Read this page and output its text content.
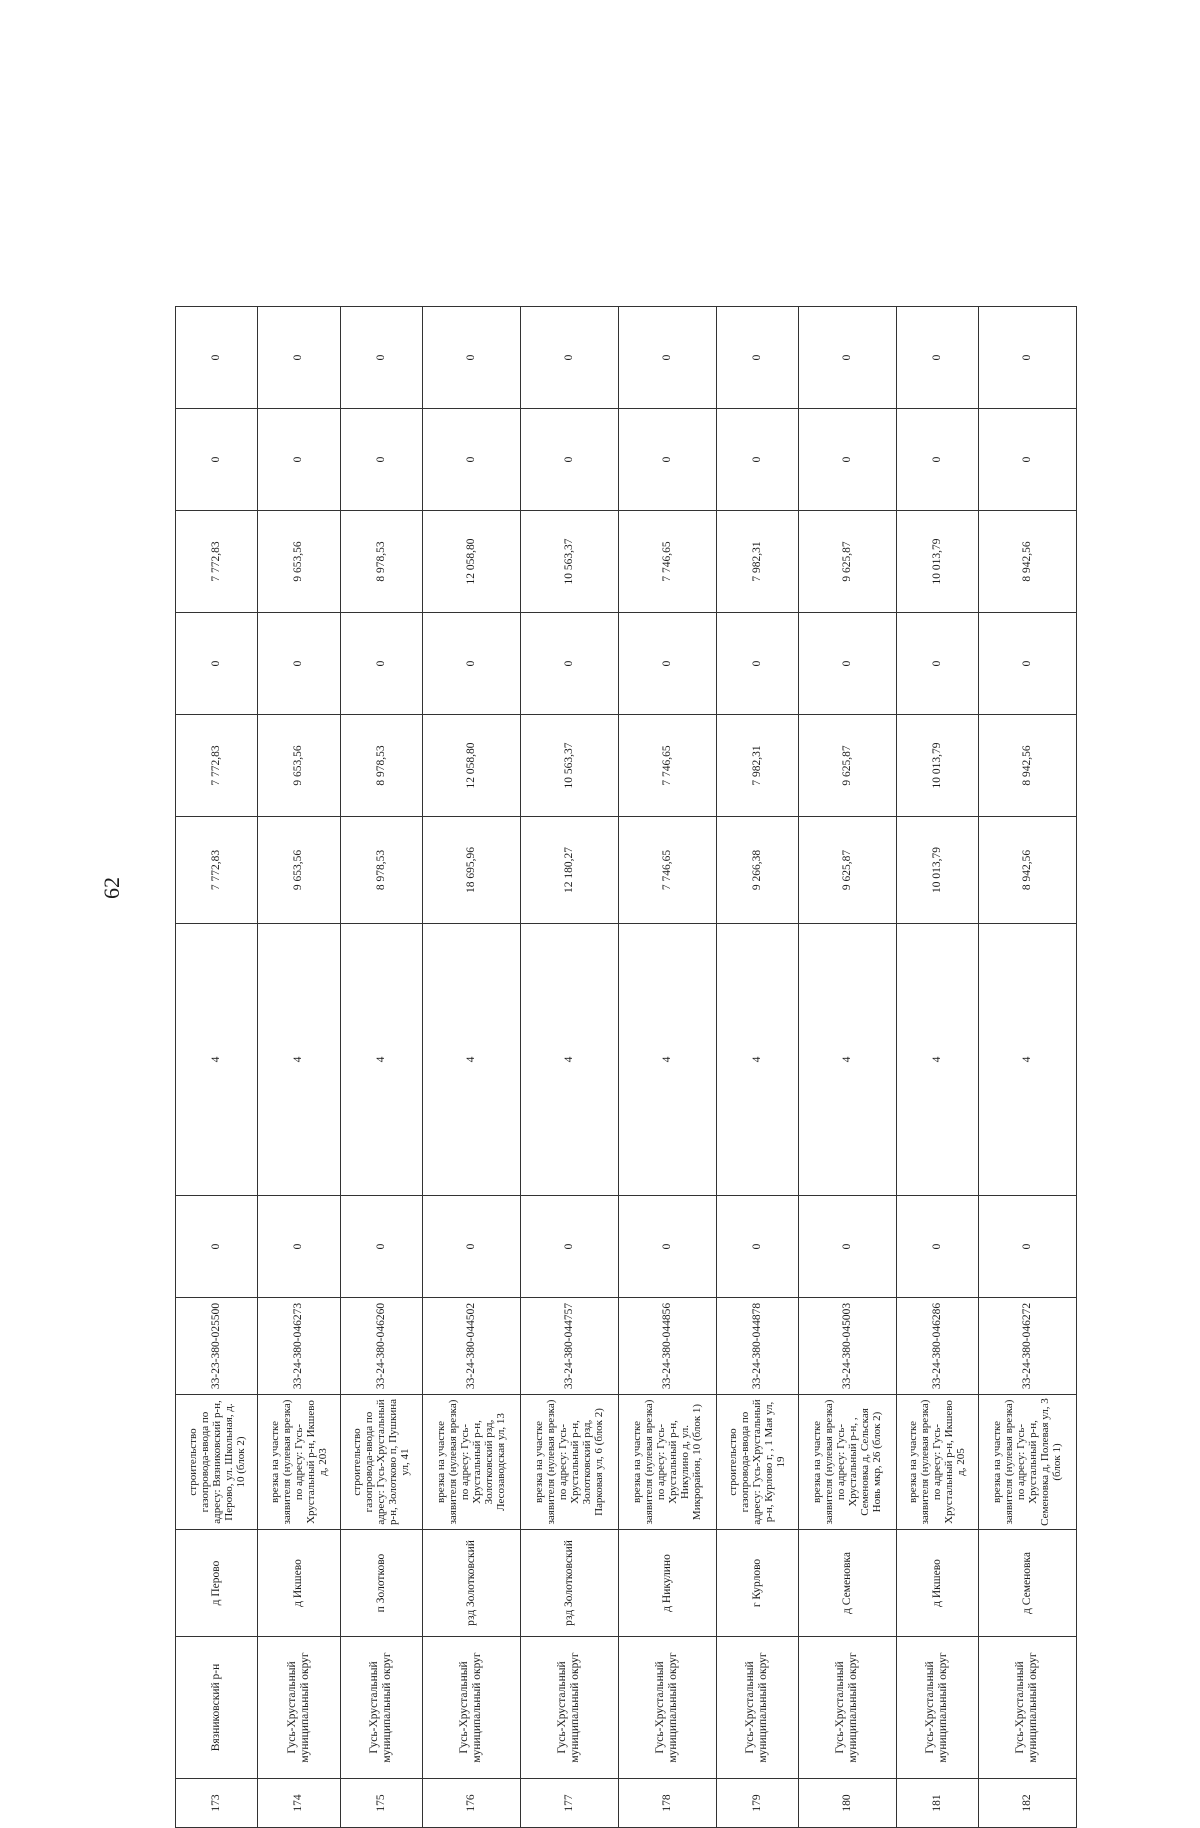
62
173	Вязниковский р-н	д Перово	строительство газопровода-ввода по адресу: Вязниковский р-н, Перово, ул. Школьная, д. 10 (блок 2)	33-23-380-025500	0	4	7 772,83	7 772,83	0	7 772,83	0	0
174	Гусь-Хрустальный муниципальный округ	д Икшево	врезка на участке заявителя (нулевая врезка) по адресу: Гусь-Хрустальный р-н, Икшево д, 203	33-24-380-046273	0	4	9 653,56	9 653,56	0	9 653,56	0	0
175	Гусь-Хрустальный муниципальный округ	п Золотково	строительство газопровода-ввода по адресу: Гусь-Хрустальный р-н, Золотково п, Пушкина ул, 41	33-24-380-046260	0	4	8 978,53	8 978,53	0	8 978,53	0	0
176	Гусь-Хрустальный муниципальный округ	рзд Золотковский	врезка на участке заявителя (нулевая врезка) по адресу: Гусь-Хрустальный р-н, Золотковский рзд, Лесозаводская ул, 13	33-24-380-044502	0	4	18 695,96	12 058,80	0	12 058,80	0	0
177	Гусь-Хрустальный муниципальный округ	рзд Золотковский	врезка на участке заявителя (нулевая врезка) по адресу: Гусь-Хрустальный р-н, Золотковский рзд, Парковая ул, 6 (блок 2)	33-24-380-044757	0	4	12 180,27	10 563,37	0	10 563,37	0	0
178	Гусь-Хрустальный муниципальный округ	д Никулино	врезка на участке заявителя (нулевая врезка) по адресу: Гусь-Хрустальный р-н, Никулино д, ул. Микрорайон, 10 (блок 1)	33-24-380-044856	0	4	7 746,65	7 746,65	0	7 746,65	0	0
179	Гусь-Хрустальный муниципальный округ	г Курлово	строительство газопровода-ввода по адресу: Гусь-Хрустальный р-н, Курлово г, , 1 Мая ул, 19	33-24-380-044878	0	4	9 266,38	7 982,31	0	7 982,31	0	0
180	Гусь-Хрустальный муниципальный округ	д Семеновка	врезка на участке заявителя (нулевая врезка) по адресу: Гусь-Хрустальный р-н, , Семеновка д, Сельская Новь мкр, 26 (блок 2)	33-24-380-045003	0	4	9 625,87	9 625,87	0	9 625,87	0	0
181	Гусь-Хрустальный муниципальный округ	д Икшево	врезка на участке заявителя (нулевая врезка) по адресу: Гусь-Хрустальный р-н, Икшево д, 205	33-24-380-046286	0	4	10 013,79	10 013,79	0	10 013,79	0	0
182	Гусь-Хрустальный муниципальный округ	д Семеновка	врезка на участке заявителя (нулевая врезка) по адресу: Гусь-Хрустальный р-н, Семеновка д, Полевая ул, 3 (блок 1)	33-24-380-046272	0	4	8 942,56	8 942,56	0	8 942,56	0	0
